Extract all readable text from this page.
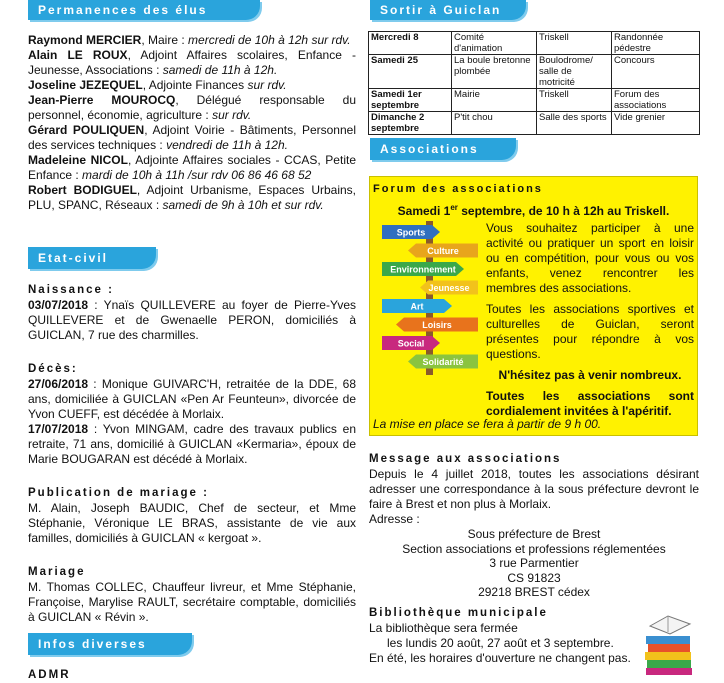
Permanences des élus

Raymond MERCIER, Maire : mercredi de 10h à 12h sur rdv.

Alain LE ROUX, Adjoint Affaires scolaires, Enfance - Jeunesse, Associations : samedi de 11h à 12h.

Joseline JEZEQUEL, Adjointe Finances sur rdv.

Jean-Pierre MOUROCQ, Délégué responsable du personnel, économie, agriculture : sur rdv.

Gérard POULIQUEN, Adjoint Voirie - Bâtiments, Personnel des services techniques : vendredi de 11h à 12h.

Madeleine NICOL, Adjointe Affaires sociales - CCAS, Petite Enfance : mardi de 10h à 11h /sur rdv 06 86 46 68 52

Robert BODIGUEL, Adjoint Urbanisme, Espaces Urbains, PLU, SPANC, Réseaux : samedi de 9h à 10h et sur rdv.

Etat-civil

Naissance :

03/07/2018 : Ynaïs QUILLEVERE au foyer de Pierre-Yves QUILLEVERE et de Gwenaelle PERON, domiciliés à GUICLAN, 7 rue des charmilles.

Décès:

27/06/2018 : Monique GUIVARC'H, retraitée de la DDE, 68 ans, domiciliée à GUICLAN «Pen Ar Feunteun», divorcée de Yvon CUEFF, est décédée à Morlaix.

17/07/2018 : Yvon MINGAM, cadre des travaux publics en retraite, 71 ans, domicilié à GUICLAN «Kermaria», époux de Marie BOUGARAN est décédé à Morlaix.

Publication de mariage :

M. Alain, Joseph BAUDIC, Chef de secteur, et Mme Stéphanie, Véronique LE BRAS, assistante de vie aux familles, domiciliés à GUICLAN « kergoat ».

Mariage

M. Thomas COLLEC, Chauffeur livreur, et Mme Stéphanie, Françoise, Marylise RAULT, secrétaire comptable, domiciliés à GUICLAN « Révin ».

Infos diverses

ADMR

Sortir à Guiclan
Mercredi 8	Comité d'animation	Triskell	Randonnée pédestre
Samedi 25	La boule bretonne plombée	Boulodrome/ salle de motricité	Concours
Samedi 1er septembre	Mairie	Triskell	Forum des associations
Dimanche 2 septembre	P'tit chou	Salle des sports	Vide grenier
Associations

Forum des associations

Samedi 1er septembre, de 10 h à 12h au Triskell.

Sports
Culture
Environnement
Jeunesse
Art
Loisirs
Social
Solidarité

Vous souhaitez participer à une activité ou pratiquer un sport en loisir ou en compétition, pour vous ou vos enfants, venez rencontrer les membres des associations.

Toutes les associations sportives et culturelles de Guiclan, seront présentes pour répondre à vos questions.

N'hésitez pas à venir nombreux.

Toutes les associations sont cordialement invitées à l'apéritif.

La mise en place se fera à partir de 9 h 00.

Message aux associations

Depuis le 4 juillet 2018, toutes les associations désirant adresser une correspondance à la sous préfecture devront le faire à Brest et non plus à Morlaix.

Adresse :

Sous préfecture de Brest

Section associations et professions réglementées

3 rue Parmentier

CS 91823

29218 BREST cédex

Bibliothèque municipale

La bibliothèque sera fermée

les lundis 20 août, 27 août et 3 septembre.

En été, les horaires d'ouverture ne changent pas.
